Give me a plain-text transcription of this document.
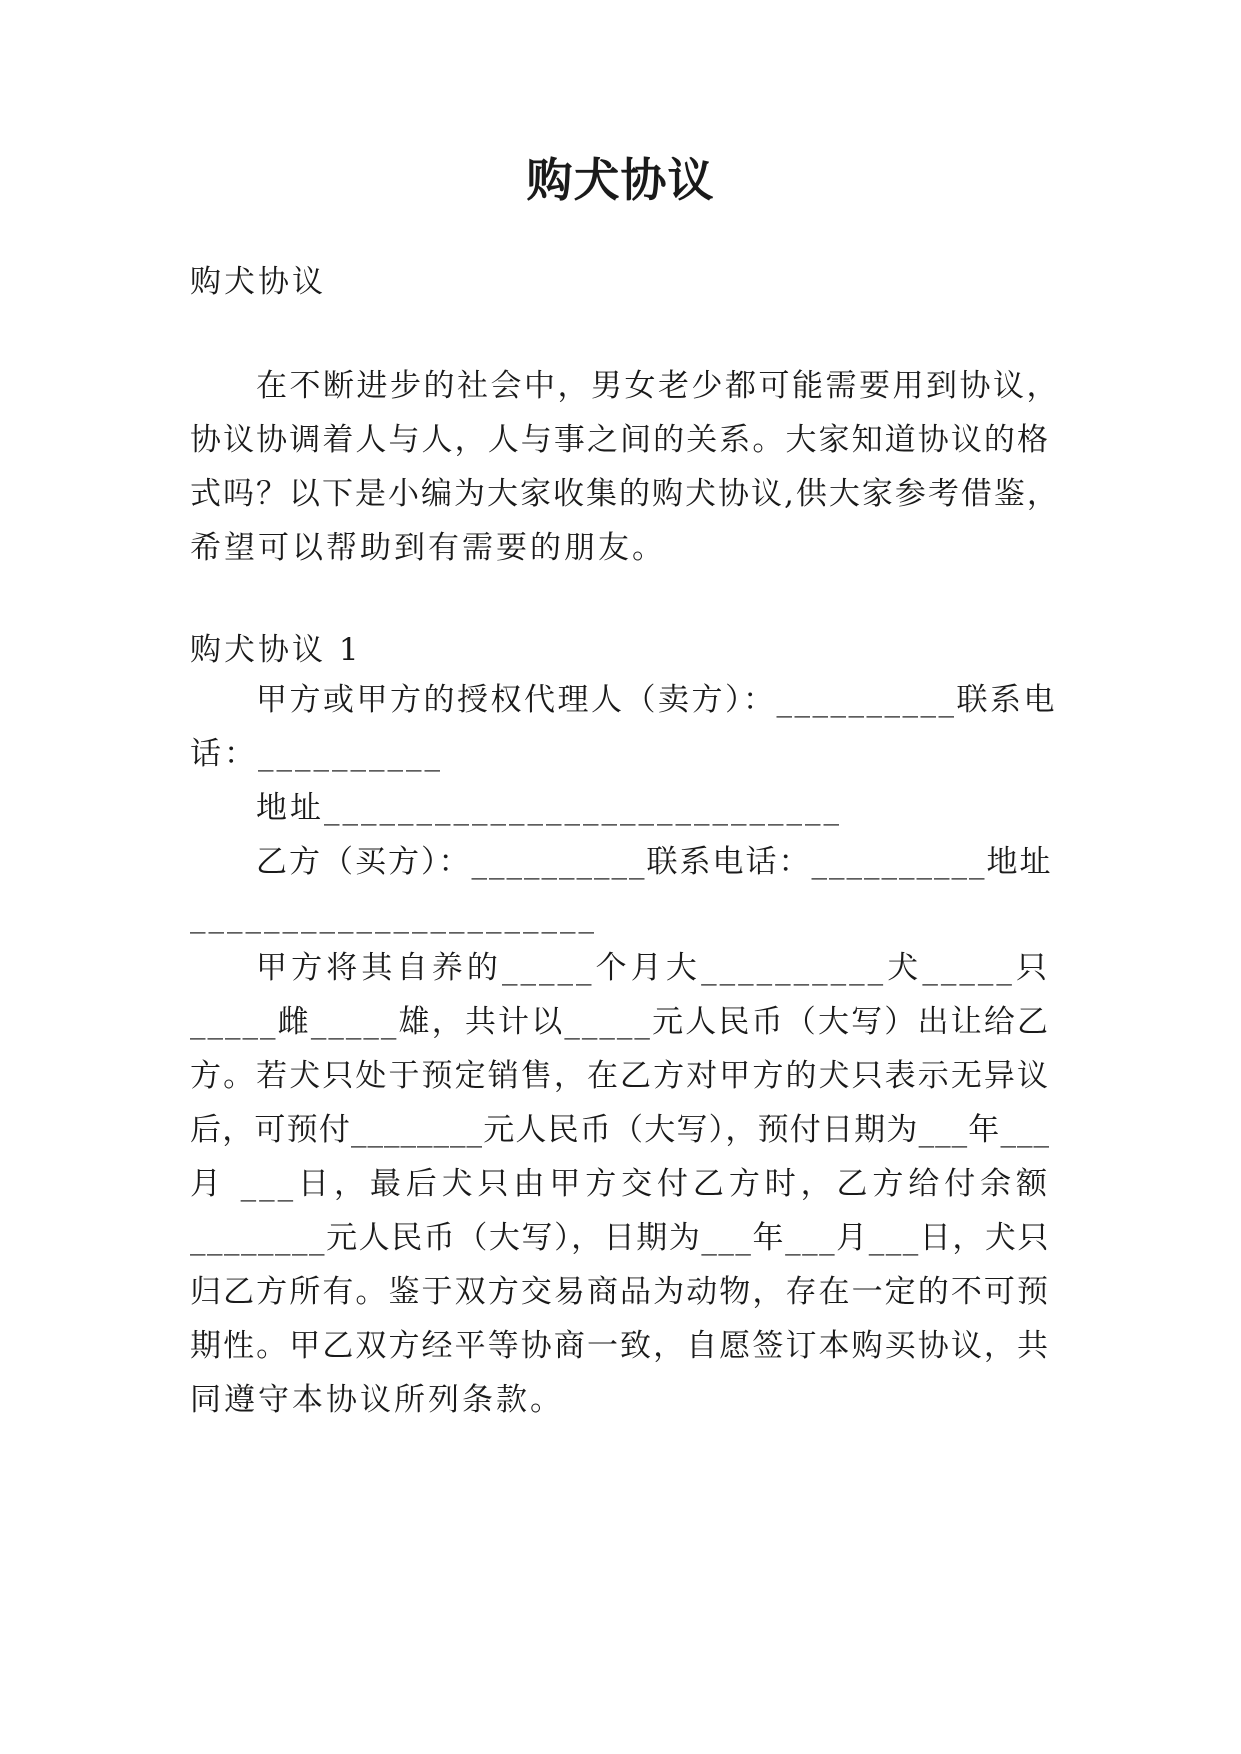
购犬协议

购犬协议

在不断进步的社会中，男女老少都可能需要用到协议，

协议协调着人与人，人与事之间的关系。大家知道协议的格

式吗？以下是小编为大家收集的购犬协议,供大家参考借鉴，

希望可以帮助到有需要的朋友。

购犬协议 1

甲方或甲方的授权代理人（卖方）：__________联系电

话：__________

地址____________________________

乙方（买方）：__________联系电话：__________地址

______________________

甲方将其自养的_____个月大__________犬_____只

_____雌_____雄，共计以_____元人民币（大写）出让给乙

方。若犬只处于预定销售，在乙方对甲方的犬只表示无异议

后，可预付________元人民币（大写），预付日期为___年___

月 ___日，最后犬只由甲方交付乙方时，乙方给付余额

________元人民币（大写），日期为___年___月___日，犬只

归乙方所有。鉴于双方交易商品为动物，存在一定的不可预

期性。甲乙双方经平等协商一致，自愿签订本购买协议，共

同遵守本协议所列条款。
